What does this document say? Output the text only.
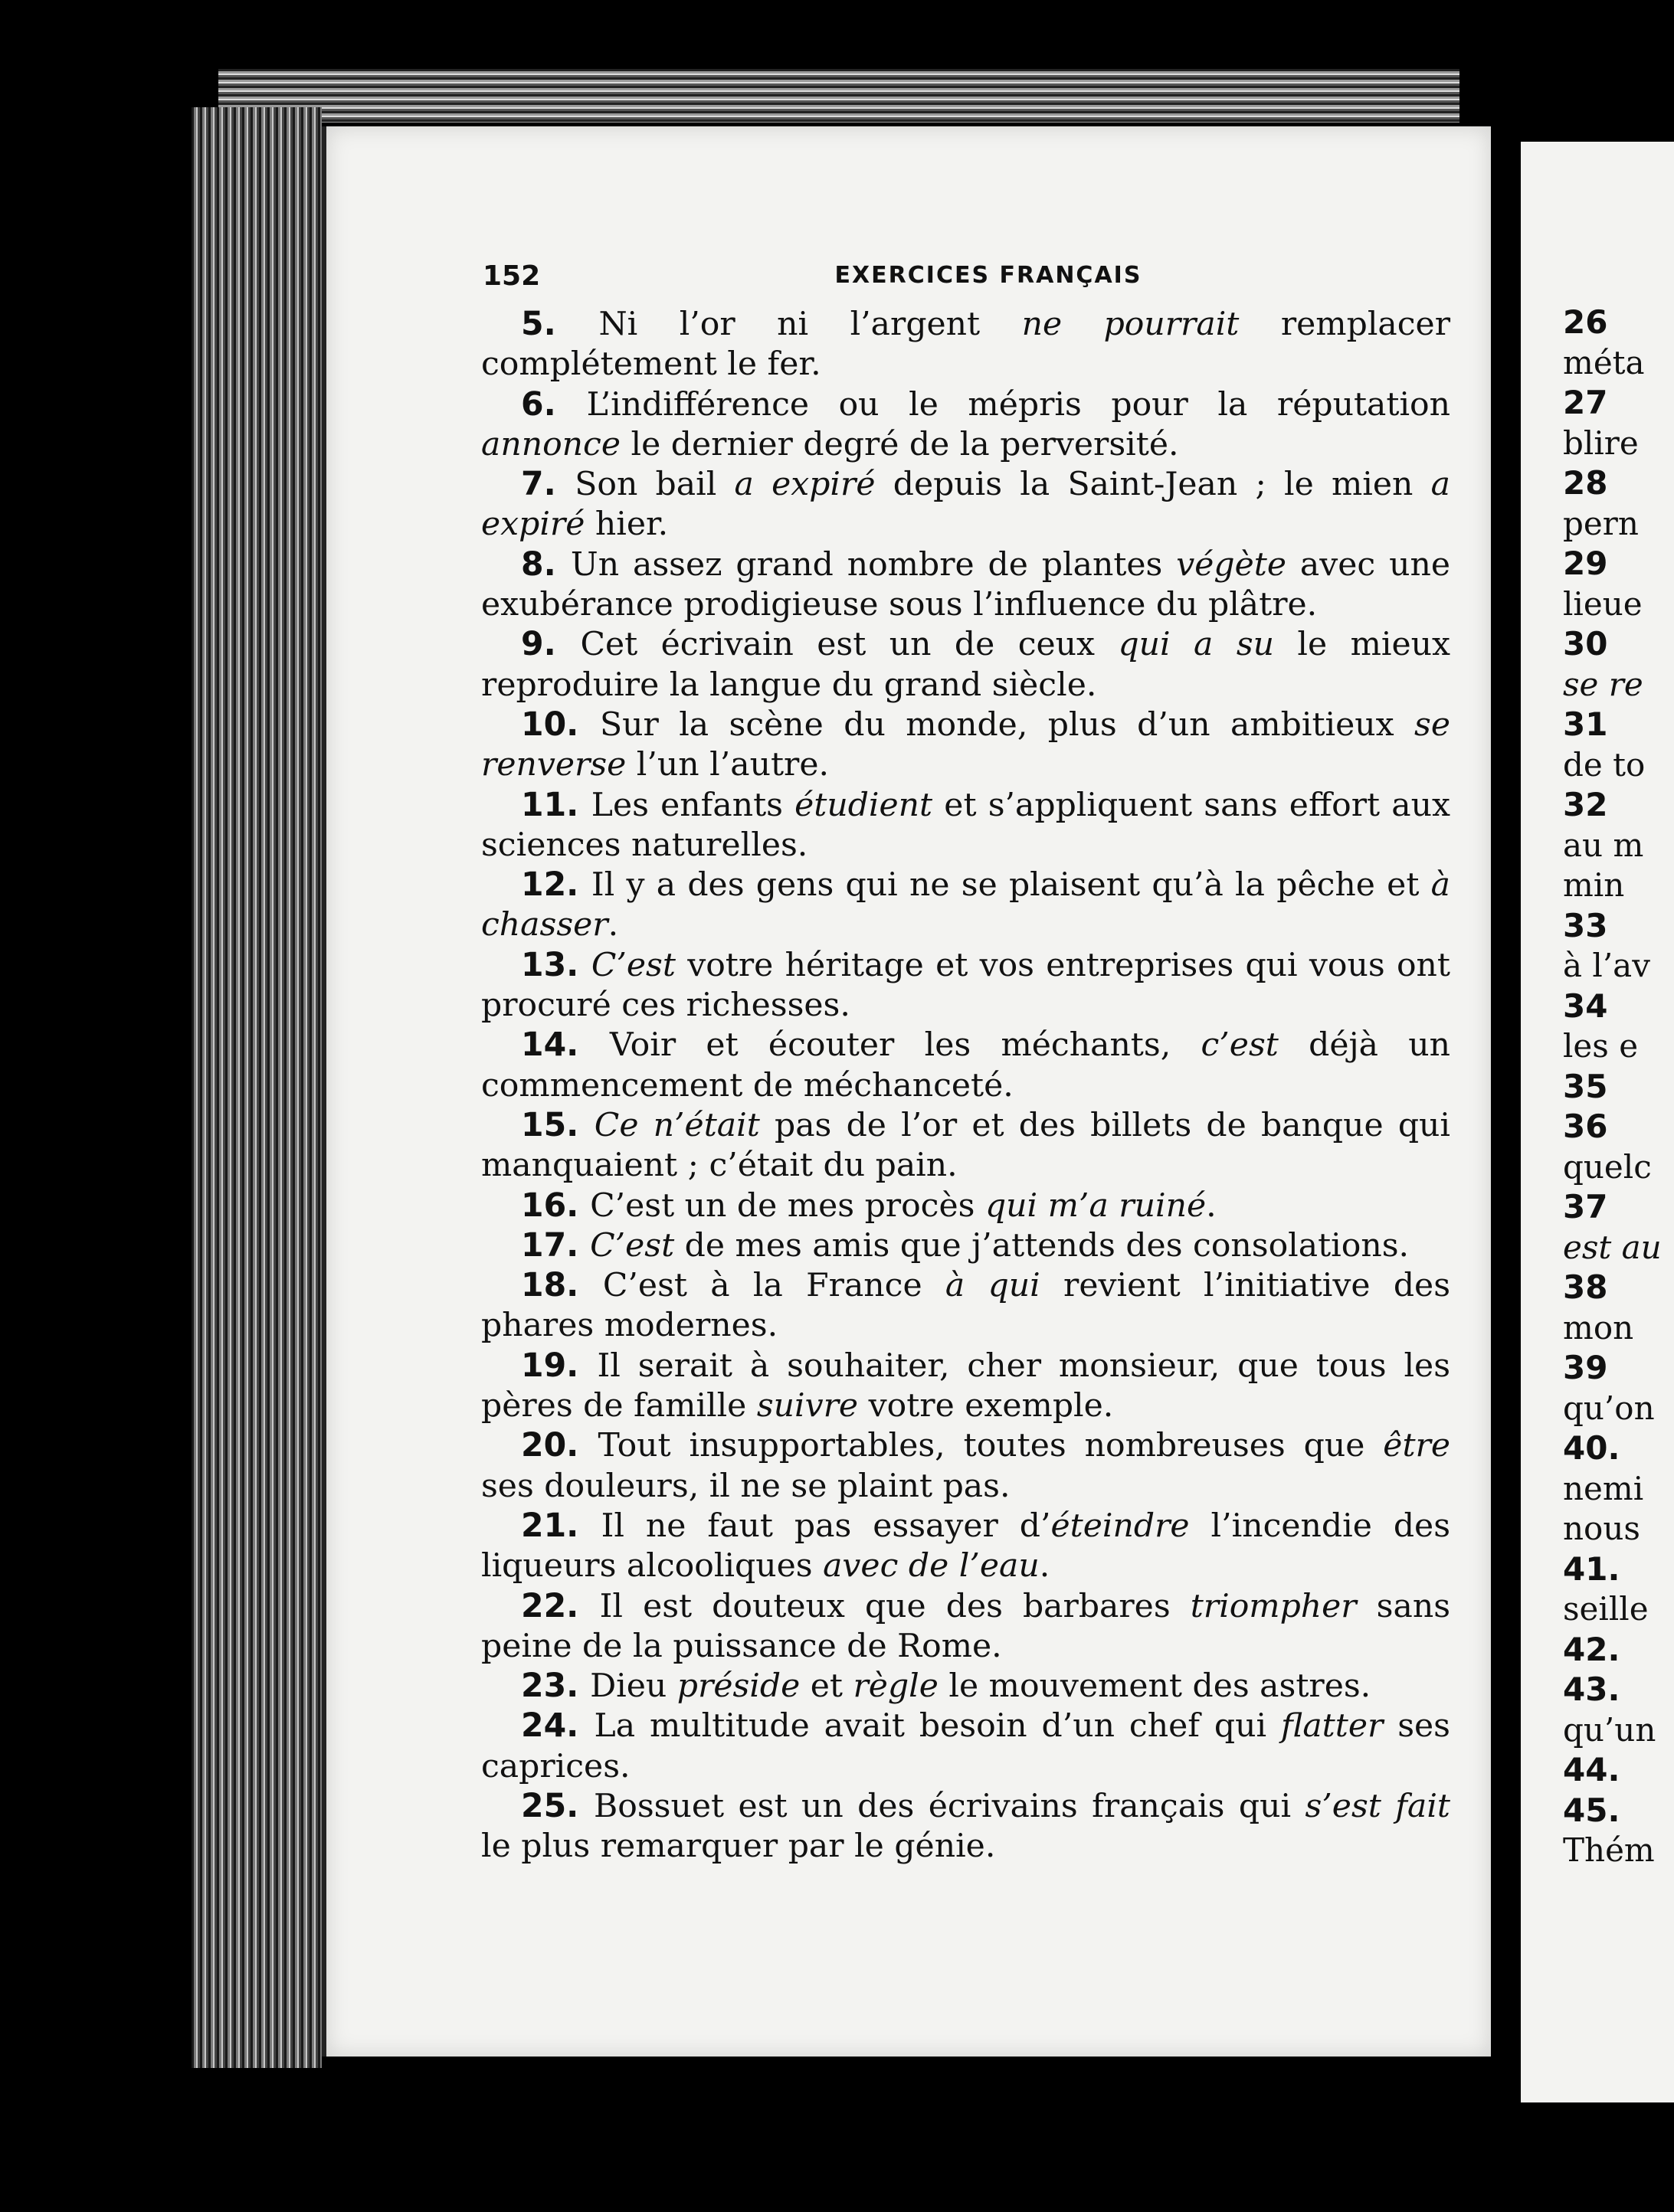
152	EXERCICES FRANÇAIS

5. Ni l’or ni l’argent ne pourrait remplacer complétement le fer.

6. L’indifférence ou le mépris pour la réputation annonce le dernier degré de la perversité.

7. Son bail a expiré depuis la Saint-Jean ; le mien a expiré hier.

8. Un assez grand nombre de plantes végète avec une exubérance prodigieuse sous l’influence du plâtre.

9. Cet écrivain est un de ceux qui a su le mieux reproduire la langue du grand siècle.

10. Sur la scène du monde, plus d’un ambitieux se renverse l’un l’autre.

11. Les enfants étudient et s’appliquent sans effort aux sciences naturelles.

12. Il y a des gens qui ne se plaisent qu’à la pêche et à chasser.

13. C’est votre héritage et vos entreprises qui vous ont procuré ces richesses.

14. Voir et écouter les méchants, c’est déjà un commencement de méchanceté.

15. Ce n’était pas de l’or et des billets de banque qui manquaient ; c’était du pain.

16. C’est un de mes procès qui m’a ruiné.

17. C’est de mes amis que j’attends des consolations.

18. C’est à la France à qui revient l’initiative des phares modernes.

19. Il serait à souhaiter, cher monsieur, que tous les pères de famille suivre votre exemple.

20. Tout insupportables, toutes nombreuses que être ses douleurs, il ne se plaint pas.

21. Il ne faut pas essayer d’éteindre l’incendie des liqueurs alcooliques avec de l’eau.

22. Il est douteux que des barbares triompher sans peine de la puissance de Rome.

23. Dieu préside et règle le mouvement des astres.

24. La multitude avait besoin d’un chef qui flatter ses caprices.

25. Bossuet est un des écrivains français qui s’est fait le plus remarquer par le génie.

26
méta
27
blire
28
pern
29
lieue
30
se re
31
de to
32
au m
min
33
à l’av
34
les e
35
36
quelc
37
est au
38
mon
39
qu’on
40.
nemi
nous
41.
seille
42.
43.
qu’un
44.
45.
Thém
